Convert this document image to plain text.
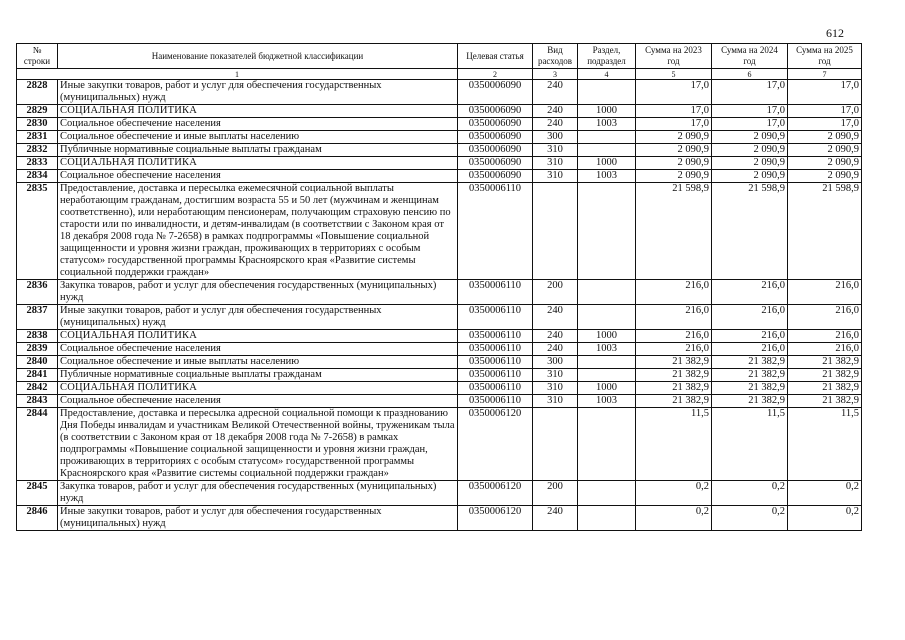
612
№ строки	Наименование показателей бюджетной классификации	Целевая статья	Вид расходов	Раздел, подраздел	Сумма на 2023 год	Сумма на 2024 год	Сумма на 2025 год
1		2	3	4	5	6	7
2828	Иные закупки товаров, работ и услуг для обеспечения государственных (муниципальных) нужд	0350006090	240		17,0	17,0	17,0
2829	СОЦИАЛЬНАЯ ПОЛИТИКА	0350006090	240	1000	17,0	17,0	17,0
2830	Социальное обеспечение населения	0350006090	240	1003	17,0	17,0	17,0
2831	Социальное обеспечение и иные выплаты населению	0350006090	300		2 090,9	2 090,9	2 090,9
2832	Публичные нормативные социальные выплаты гражданам	0350006090	310		2 090,9	2 090,9	2 090,9
2833	СОЦИАЛЬНАЯ ПОЛИТИКА	0350006090	310	1000	2 090,9	2 090,9	2 090,9
2834	Социальное обеспечение населения	0350006090	310	1003	2 090,9	2 090,9	2 090,9
2835	Предоставление, доставка и пересылка ежемесячной социальной выплаты неработающим гражданам, достигшим возраста 55 и 50 лет (мужчинам и женщинам соответственно), или неработающим пенсионерам, получающим страховую пенсию по старости или по инвалидности, и детям-инвалидам (в соответствии с Законом края от 18 декабря 2008 года № 7-2658) в рамках подпрограммы «Повышение социальной защищенности и уровня жизни граждан, проживающих в территориях с особым статусом» государственной программы Красноярского края «Развитие системы социальной поддержки граждан»	0350006110			21 598,9	21 598,9	21 598,9
2836	Закупка товаров, работ и услуг для обеспечения государственных (муниципальных) нужд	0350006110	200		216,0	216,0	216,0
2837	Иные закупки товаров, работ и услуг для обеспечения государственных (муниципальных) нужд	0350006110	240		216,0	216,0	216,0
2838	СОЦИАЛЬНАЯ ПОЛИТИКА	0350006110	240	1000	216,0	216,0	216,0
2839	Социальное обеспечение населения	0350006110	240	1003	216,0	216,0	216,0
2840	Социальное обеспечение и иные выплаты населению	0350006110	300		21 382,9	21 382,9	21 382,9
2841	Публичные нормативные социальные выплаты гражданам	0350006110	310		21 382,9	21 382,9	21 382,9
2842	СОЦИАЛЬНАЯ ПОЛИТИКА	0350006110	310	1000	21 382,9	21 382,9	21 382,9
2843	Социальное обеспечение населения	0350006110	310	1003	21 382,9	21 382,9	21 382,9
2844	Предоставление, доставка и пересылка адресной социальной помощи к празднованию Дня Победы инвалидам и участникам Великой Отечественной войны, труженикам тыла (в соответствии с Законом края от 18 декабря 2008 года № 7-2658) в рамках подпрограммы «Повышение социальной защищенности и уровня жизни граждан, проживающих в территориях с особым статусом» государственной программы Красноярского края «Развитие системы социальной поддержки граждан»	0350006120			11,5	11,5	11,5
2845	Закупка товаров, работ и услуг для обеспечения государственных (муниципальных) нужд	0350006120	200		0,2	0,2	0,2
2846	Иные закупки товаров, работ и услуг для обеспечения государственных (муниципальных) нужд	0350006120	240		0,2	0,2	0,2
